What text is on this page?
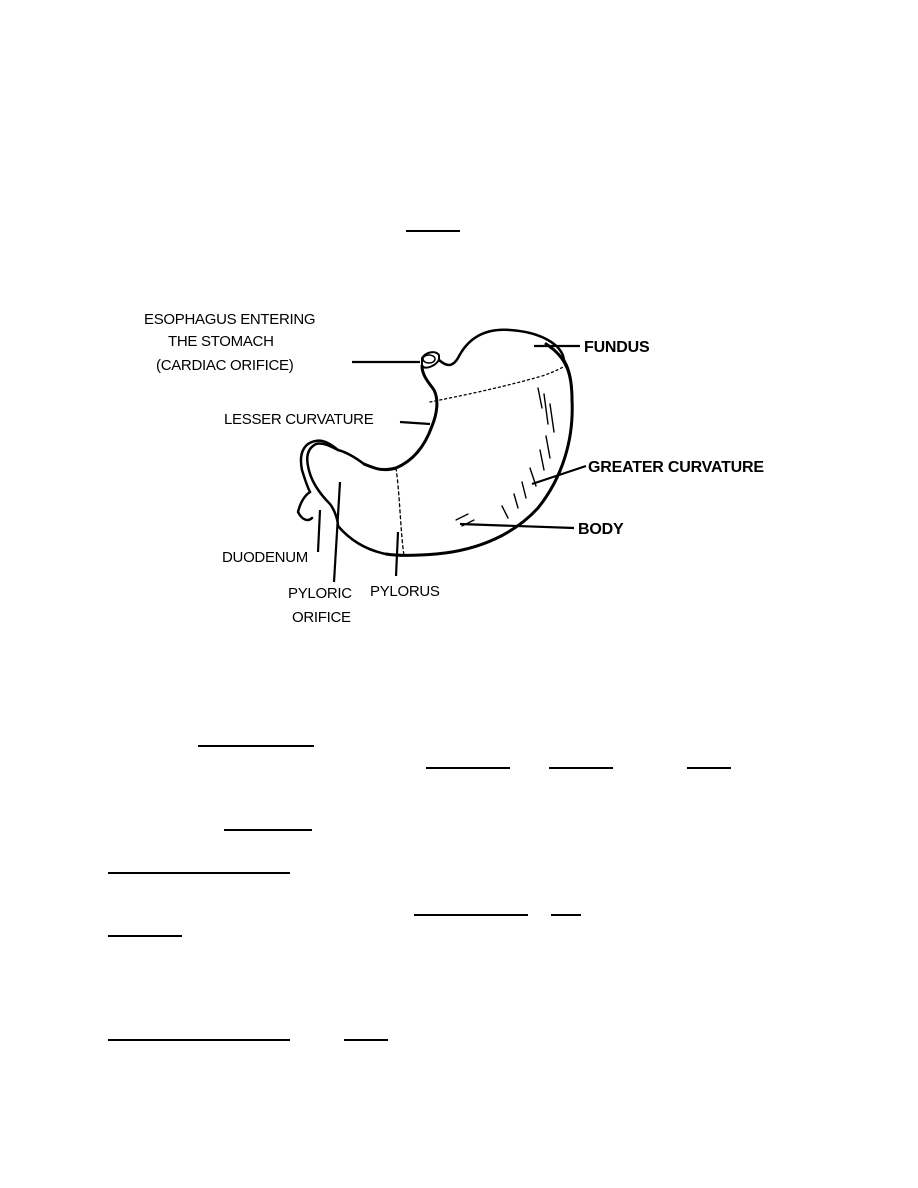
ESOPHAGUS ENTERING
THE STOMACH
(CARDIAC ORIFICE)
LESSER CURVATURE
DUODENUM
PYLORIC
ORIFICE
PYLORUS
FUNDUS
GREATER CURVATURE
BODY
